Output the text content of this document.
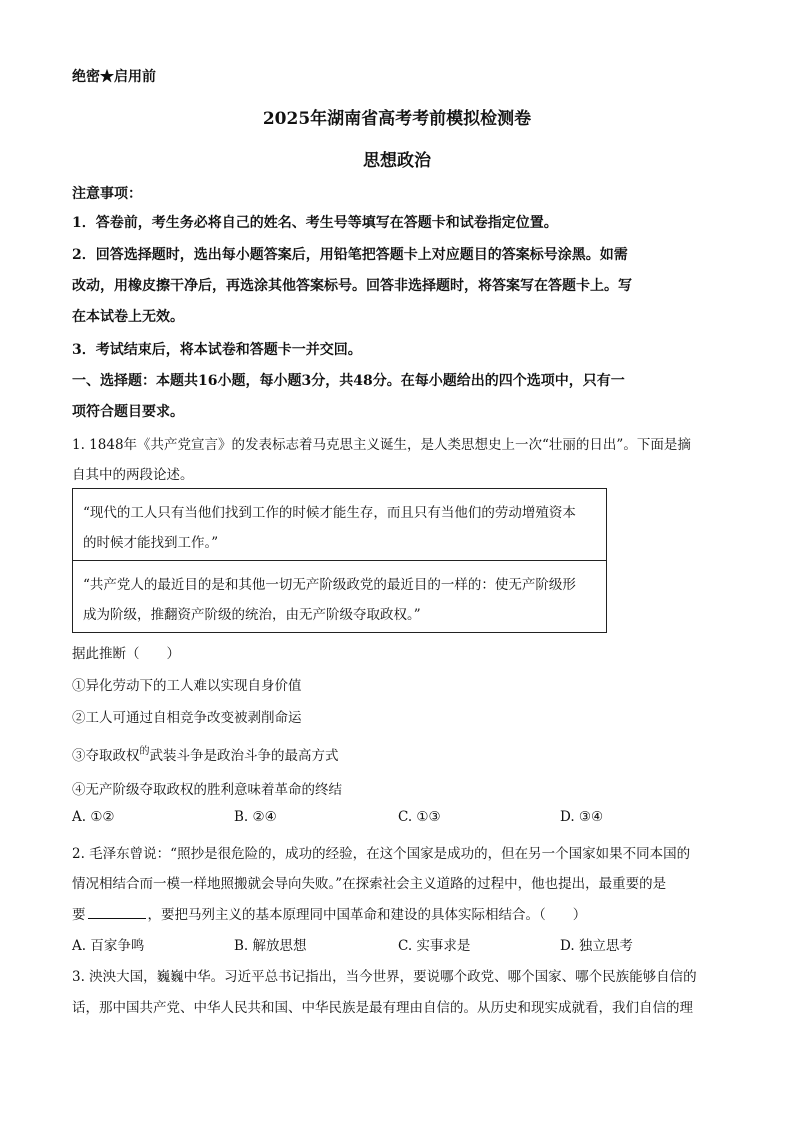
绝密★启用前
2025年湖南省高考考前模拟检测卷
思想政治
注意事项：
1．答卷前，考生务必将自己的姓名、考生号等填写在答题卡和试卷指定位置。
2．回答选择题时，选出每小题答案后，用铅笔把答题卡上对应题目的答案标号涂黑。如需
改动，用橡皮擦干净后，再选涂其他答案标号。回答非选择题时，将答案写在答题卡上。写
在本试卷上无效。
3．考试结束后，将本试卷和答题卡一并交回。
一、选择题：本题共16小题，每小题3分，共48分。在每小题给出的四个选项中，只有一
项符合题目要求。
1. 1848年《共产党宣言》的发表标志着马克思主义诞生，是人类思想史上一次“壮丽的日出”。下面是摘
自其中的两段论述。
“现代的工人只有当他们找到工作的时候才能生存，而且只有当他们的劳动增殖资本
的时候才能找到工作。”
“共产党人的最近目的是和其他一切无产阶级政党的最近目的一样的：使无产阶级形
成为阶级，推翻资产阶级的统治，由无产阶级夺取政权。”
据此推断（　　）
①异化劳动下的工人难以实现自身价值
②工人可通过自相竞争改变被剥削命运
③夺取政权$^的$武装斗争是政治斗争的最高方式
④无产阶级夺取政权的胜利意味着革命的终结
A. ①②	B. ②④	C. ①③	D. ③④
2. 毛泽东曾说：“照抄是很危险的，成功的经验，在这个国家是成功的，但在另一个国家如果不同本国的
情况相结合而一模一样地照搬就会导向失败。”在探索社会主义道路的过程中，他也提出，最重要的是
要	，要把马列主义的基本原理同中国革命和建设的具体实际相结合。（　　）
A. 百家争鸣	B. 解放思想	C. 实事求是	D. 独立思考
3. 泱泱大国，巍巍中华。习近平总书记指出，当今世界，要说哪个政党、哪个国家、哪个民族能够自信的
话，那中国共产党、中华人民共和国、中华民族是最有理由自信的。从历史和现实成就看，我们自信的理
